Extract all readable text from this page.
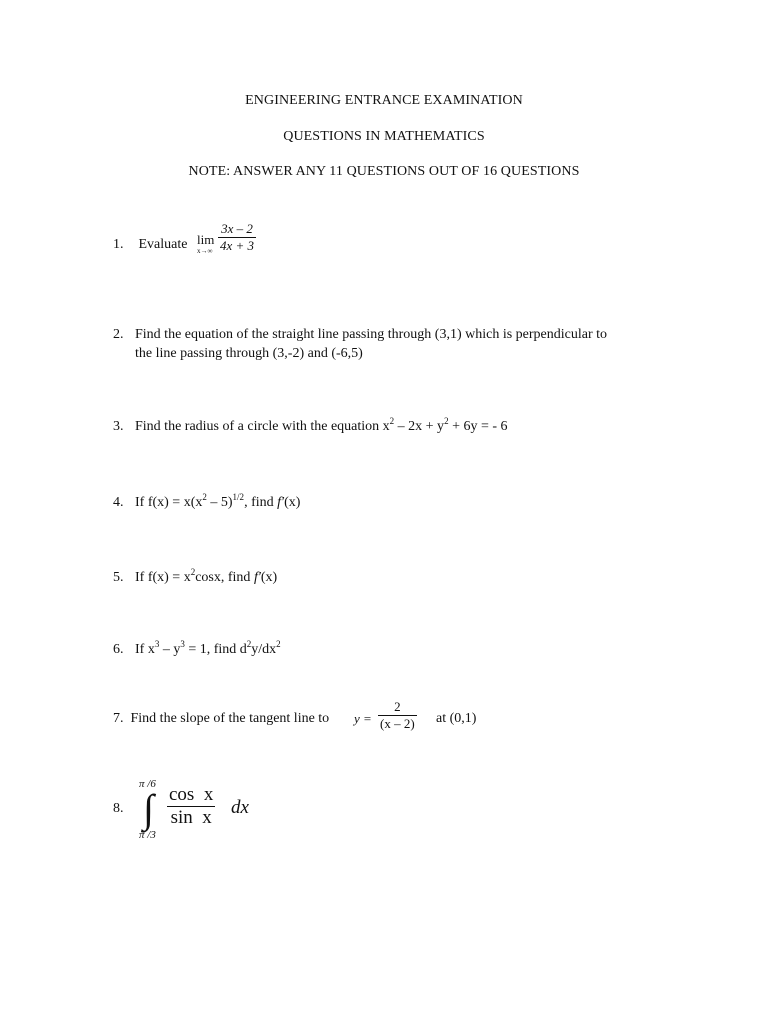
ENGINEERING ENTRANCE EXAMINATION
QUESTIONS IN MATHEMATICS
NOTE: ANSWER ANY 11 QUESTIONS OUT OF 16 QUESTIONS
1. Evaluate lim
$x\to\infty \frac{3x - 2}{4x + 3}$
2. Find the equation of the straight line passing through (3,1) which is perpendicular to
the line passing through (3,-2) and (-6,5)
3. Find the radius of a circle with the equation $x^2 - 2x + y^2 + 6y$ = - 6
4. If $f(x) = x(x^2 - 5)^{1/2}$, find f′(x)
5. If $f(x) = x^2\cos x$, find f′(x)
6. If $x^3 - y^3 = 1$, find $d^2y/dx^2$
7. Find the slope of the tangent line to $y = \frac{2}{(x - 2)}$ at (0,1)
8.
π /6
∫
π /3
$\frac{\text{cos  x}}{\text{sin  x}}$ dx
